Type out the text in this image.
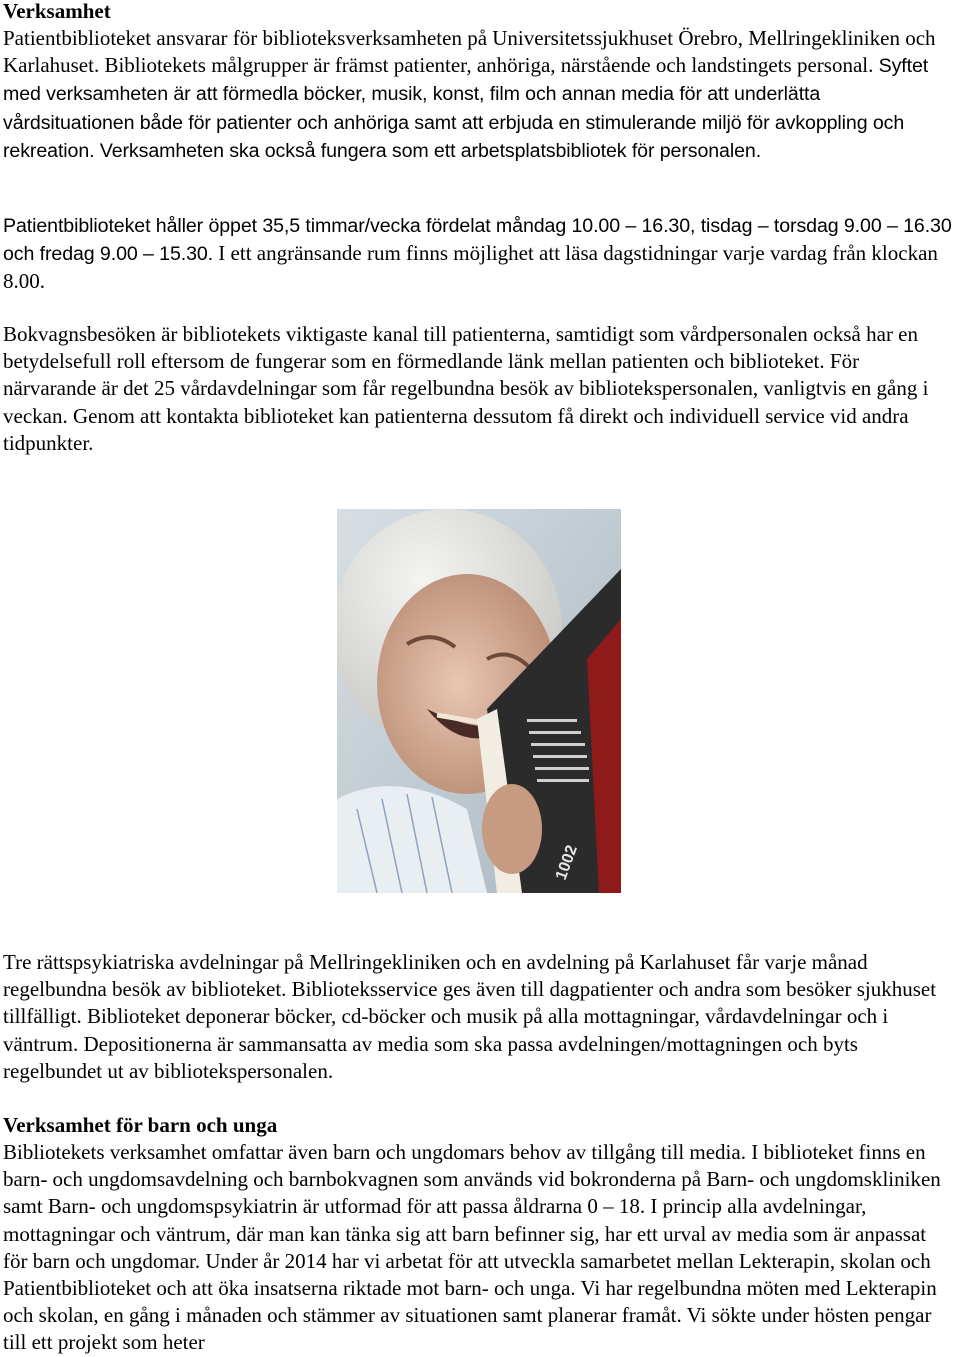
Verksamhet

Patientbiblioteket ansvarar för biblioteksverksamheten på Universitetssjukhuset Örebro, Mellringekliniken och Karlahuset. Bibliotekets målgrupper är främst patienter, anhöriga, närstående och landstingets personal. Syftet med verksamheten är att förmedla böcker, musik, konst, film och annan media för att underlätta vårdsituationen både för patienter och anhöriga samt att erbjuda en stimulerande miljö för avkoppling och rekreation. Verksamheten ska också fungera som ett arbetsplatsbibliotek för personalen.

Patientbiblioteket håller öppet 35,5 timmar/vecka fördelat måndag 10.00 – 16.30, tisdag – torsdag 9.00 – 16.30 och fredag 9.00 – 15.30. I ett angränsande rum finns möjlighet att läsa dagstidningar varje vardag från klockan 8.00.

Bokvagnsbesöken är bibliotekets viktigaste kanal till patienterna, samtidigt som vårdpersonalen också har en betydelsefull roll eftersom de fungerar som en förmedlande länk mellan patienten och biblioteket. För närvarande är det 25 vårdavdelningar som får regelbundna besök av bibliotekspersonalen, vanligtvis en gång i veckan. Genom att kontakta biblioteket kan patienterna dessutom få direkt och individuell service vid andra tidpunkter.

Tre rättspsykiatriska avdelningar på Mellringekliniken och en avdelning på Karlahuset får varje månad regelbundna besök av biblioteket. Biblioteksservice ges även till dagpatienter och andra som besöker sjukhuset tillfälligt. Biblioteket deponerar böcker, cd-böcker och musik på alla mottagningar, vårdavdelningar och i väntrum. Depositionerna är sammansatta av media som ska passa avdelningen/mottagningen och byts regelbundet ut av bibliotekspersonalen.

Verksamhet för barn och unga

Bibliotekets verksamhet omfattar även barn och ungdomars behov av tillgång till media. I biblioteket finns en barn- och ungdomsavdelning och barnbokvagnen som används vid bokronderna på Barn- och ungdomskliniken samt Barn- och ungdomspsykiatrin är utformad för att passa åldrarna 0 – 18. I princip alla avdelningar, mottagningar och väntrum, där man kan tänka sig att barn befinner sig, har ett urval av media som är anpassat för barn och ungdomar. Under år 2014 har vi arbetat för att utveckla samarbetet mellan Lekterapin, skolan och Patientbiblioteket och att öka insatserna riktade mot barn- och unga. Vi har regelbundna möten med Lekterapin och skolan, en gång i månaden och stämmer av situationen samt planerar framåt. Vi sökte under hösten pengar till ett projekt som heter

1002
